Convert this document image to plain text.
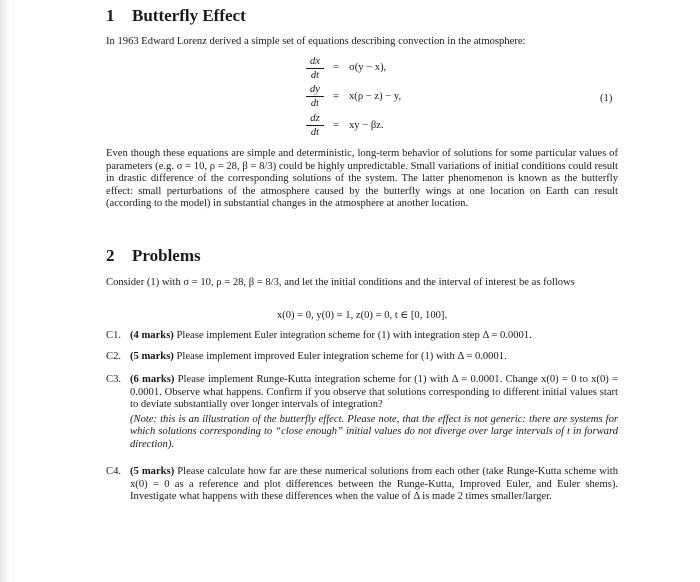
1 Butterfly Effect

In 1963 Edward Lorenz derived a simple set of equations describing convection in the atmosphere:

$\frac{dx}{dt} = \sigma(y - x)$,
$\frac{dy}{dt} = x(\rho - z) - y$,
$\frac{dz}{dt}$ = xy − βz.
(1)

Even though these equations are simple and deterministic, long-term behavior of solutions for some particular values of parameters (e.g. σ = 10, ρ = 28, β = 8/3) could be highly unpredictable. Small variations of initial conditions could result in drastic difference of the corresponding solutions of the system. The latter phenomenon is known as the butterfly effect: small perturbations of the atmosphere caused by the butterfly wings at one location on Earth can result (according to the model) in substantial changes in the atmosphere at another location.

2 Problems

Consider (1) with σ = 10, ρ = 28, β = 8/3, and let the initial conditions and the interval of interest be as follows

x(0) = 0, y(0) = 1, z(0) = 0, t ∈ [0, 100].
C1. (4 marks) Please implement Euler integration scheme for (1) with integration step Δ = 0.0001.
C2. (5 marks) Please implement improved Euler integration scheme for (1) with Δ = 0.0001.
C3. (6 marks) Please implement Runge-Kutta integration scheme for (1) with Δ = 0.0001. Change x(0) = 0 to x(0) = 0.0001. Observe what happens. Confirm if you observe that solutions corresponding to different initial values start to deviate substantially over longer intervals of integration?
(Note: this is an illustration of the butterfly effect. Please note, that the effect is not generic: there are systems for which solutions corresponding to “close enough” initial values do not diverge over large intervals of t in forward direction).
C4. (5 marks) Please calculate how far are these numerical solutions from each other (take Runge-Kutta scheme with x(0) = 0 as a reference and plot differences between the Runge-Kutta, Improved Euler, and Euler shems). Investigate what happens with these differences when the value of Δ is made 2 times smaller/larger.
